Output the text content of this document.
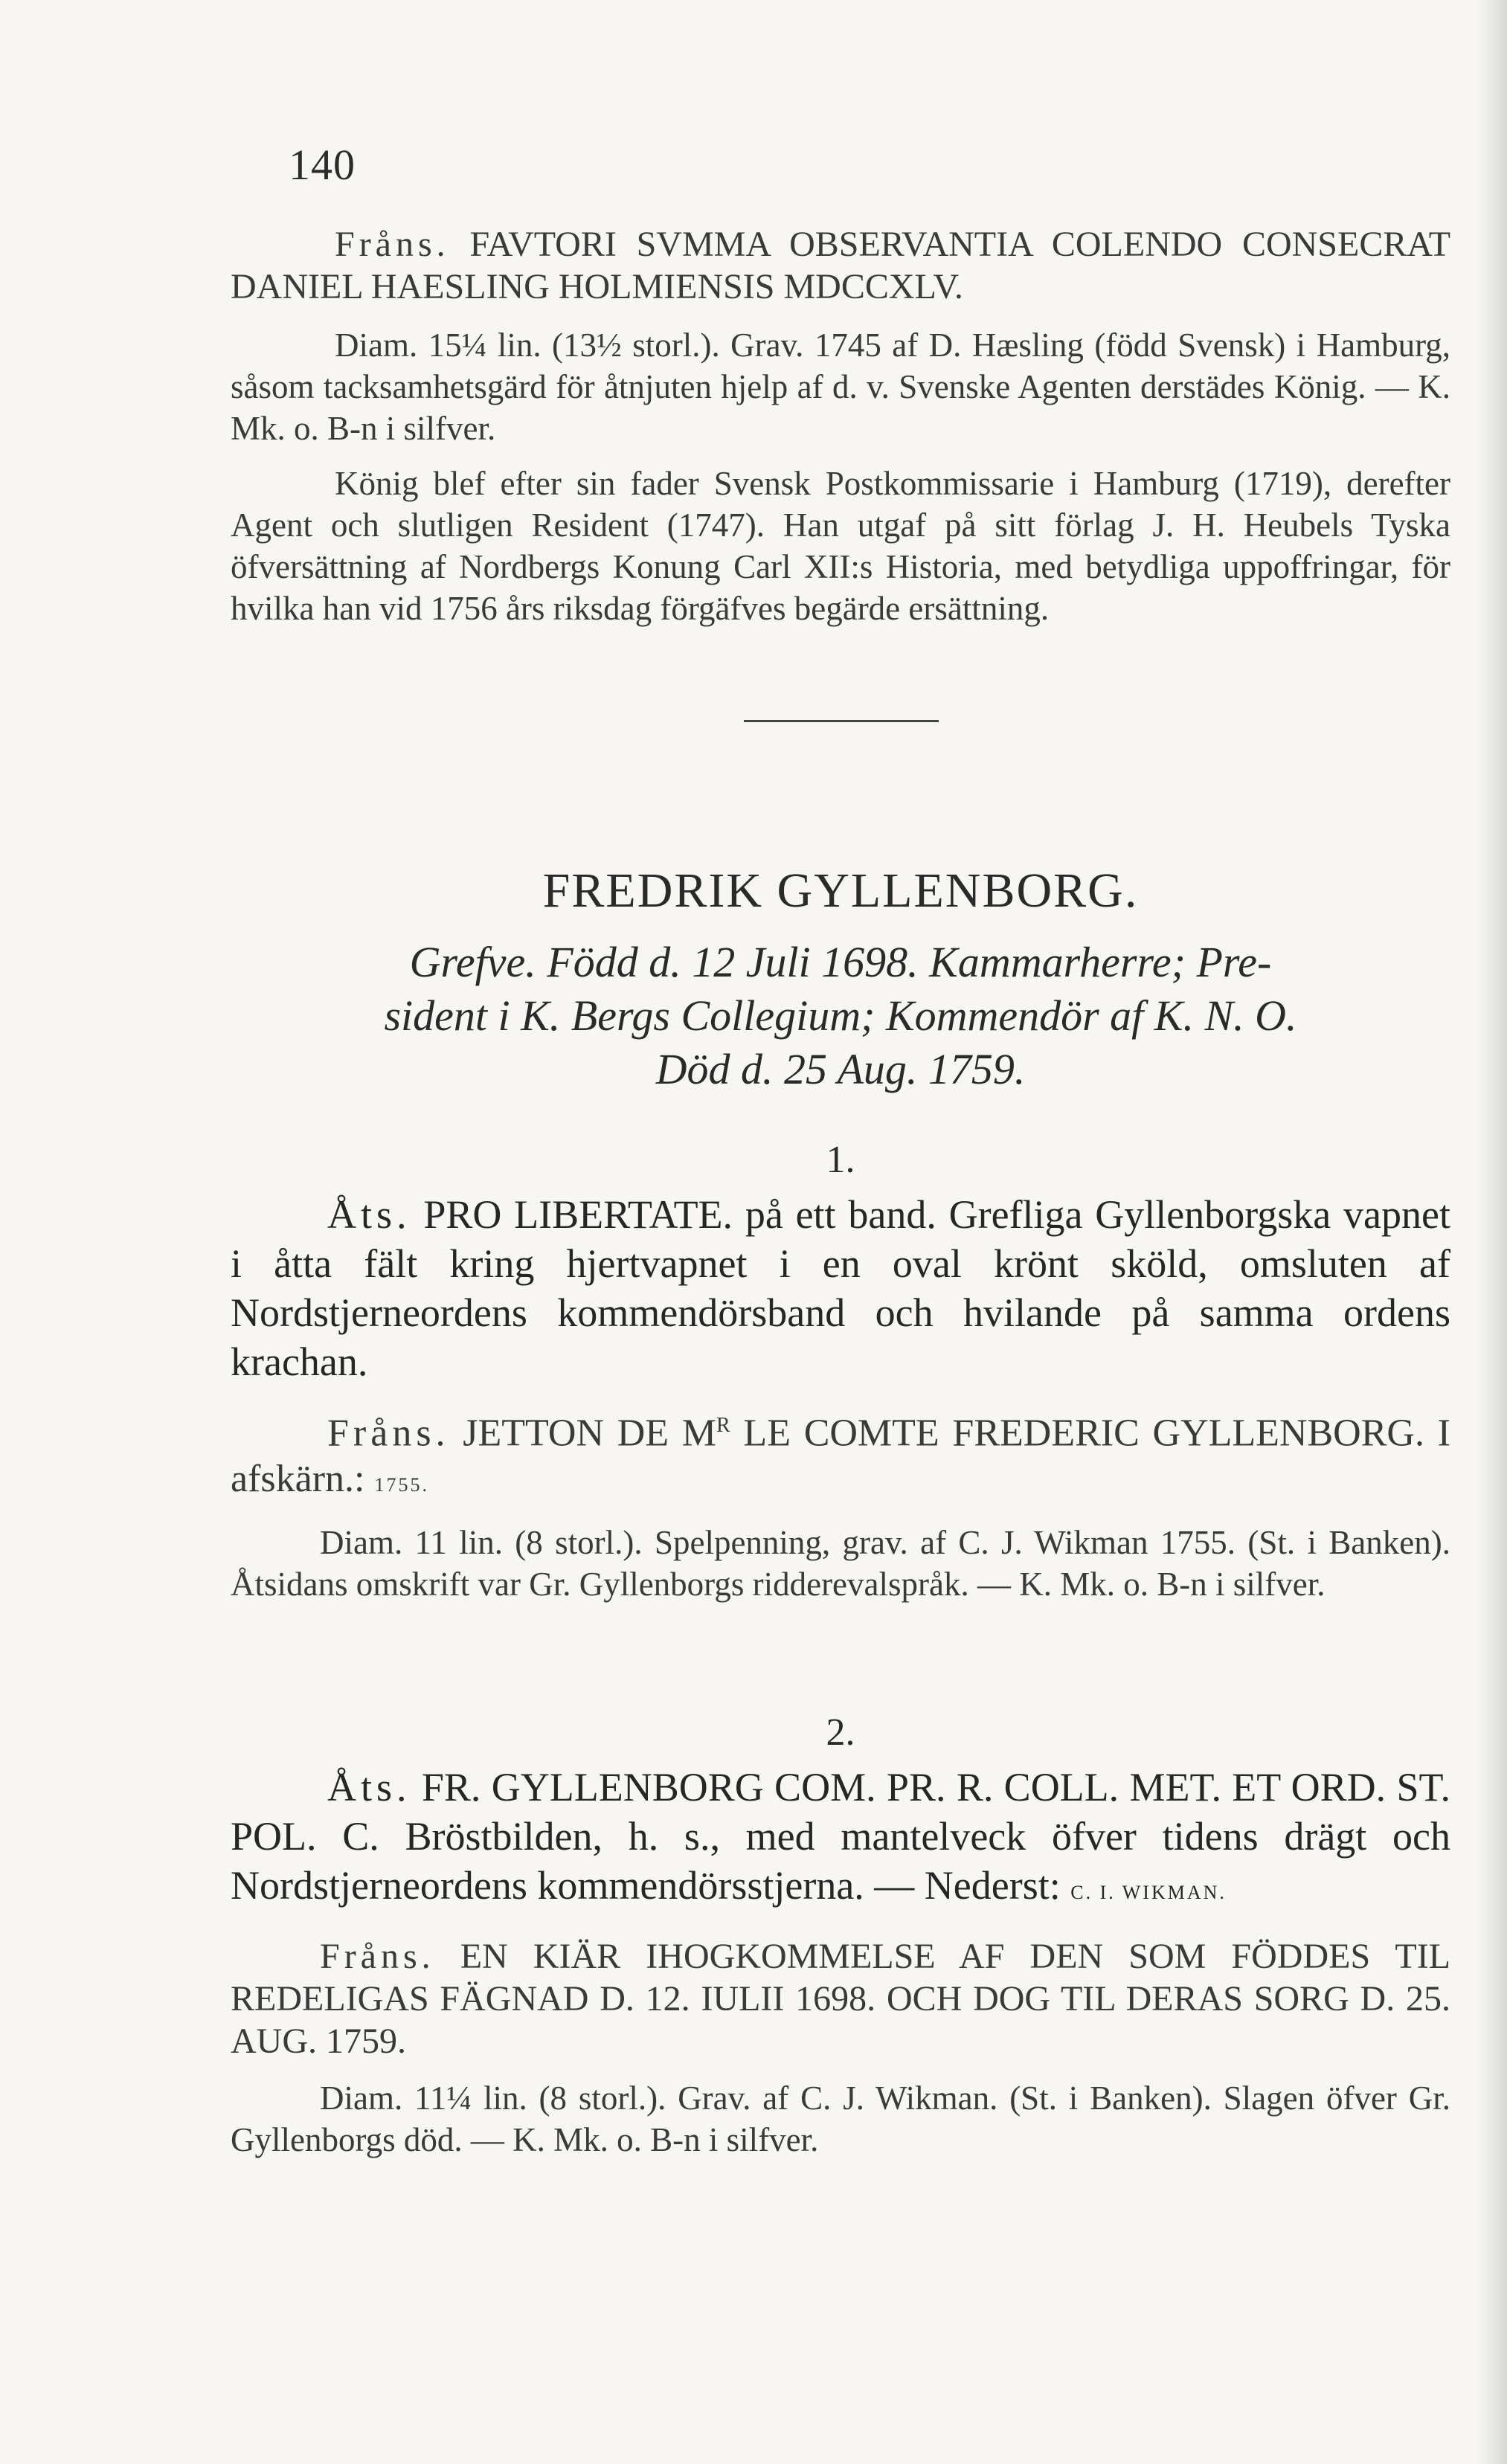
140

Fråns. FAVTORI SVMMA OBSERVANTIA COLENDO CONSECRAT DANIEL HAESLING HOLMIENSIS MDCCXLV.

Diam. 15¼ lin. (13½ storl.). Grav. 1745 af D. Hæsling (född Svensk) i Hamburg, såsom tacksamhetsgärd för åtnjuten hjelp af d. v. Svenske Agenten derstädes König. — K. Mk. o. B-n i silfver.

König blef efter sin fader Svensk Postkommissarie i Hamburg (1719), derefter Agent och slutligen Resident (1747). Han utgaf på sitt förlag J. H. Heubels Tyska öfversättning af Nordbergs Konung Carl XII:s Historia, med betydliga uppoffringar, för hvilka han vid 1756 års riksdag förgäfves begärde ersättning.

FREDRIK GYLLENBORG.

Grefve. Född d. 12 Juli 1698. Kammarherre; Pre-

sident i K. Bergs Collegium; Kommendör af K. N. O.

Död d. 25 Aug. 1759.

1.

Åts. PRO LIBERTATE. på ett band. Grefliga Gyllenborgska vapnet i åtta fält kring hjertvapnet i en oval krönt sköld, omsluten af Nordstjerneordens kommendörsband och hvilande på samma ordens krachan.

Fråns. JETTON DE $M^R$ LE COMTE FREDERIC GYLLENBORG. I afskärn.: 1755.

Diam. 11 lin. (8 storl.). Spelpenning, grav. af C. J. Wikman 1755. (St. i Banken). Åtsidans omskrift var Gr. Gyllenborgs ridderevalspråk. — K. Mk. o. B-n i silfver.

2.

Åts. FR. GYLLENBORG COM. PR. R. COLL. MET. ET ORD. ST. POL. C. Bröstbilden, h. s., med mantelveck öfver tidens drägt och Nordstjerneordens kommendörsstjerna. — Nederst: C. I. WIKMAN.

Fråns. EN KIÄR IHOGKOMMELSE AF DEN SOM FÖDDES TIL REDELIGAS FÄGNAD D. 12. IULII 1698. OCH DOG TIL DERAS SORG D. 25. AUG. 1759.

Diam. 11¼ lin. (8 storl.). Grav. af C. J. Wikman. (St. i Banken). Slagen öfver Gr. Gyllenborgs död. — K. Mk. o. B-n i silfver.
